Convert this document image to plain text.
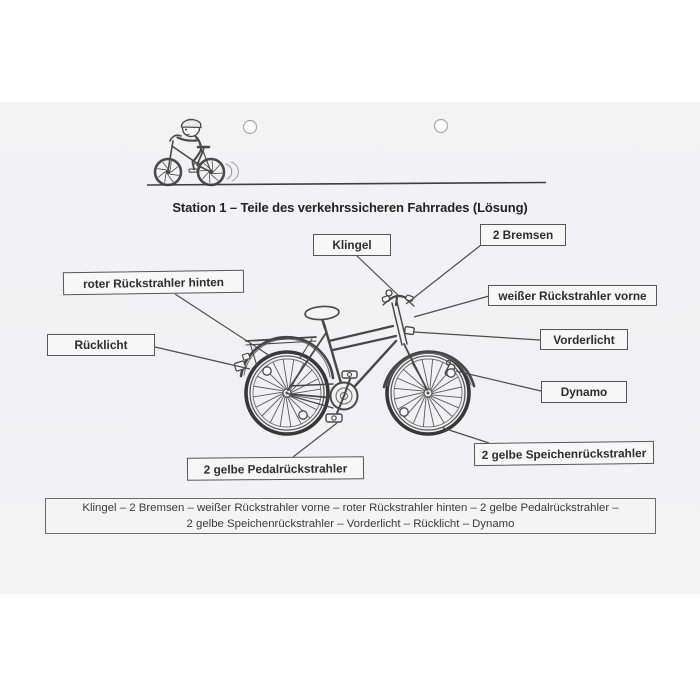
Station 1 – Teile des verkehrssicheren Fahrrades (Lösung)
Klingel
2 Bremsen
roter Rückstrahler hinten
weißer Rückstrahler vorne
Rücklicht	Vorderlicht
Dynamo
2 gelbe Speichenrückstrahler
2 gelbe Pedalrückstrahler
Klingel – 2 Bremsen – weißer Rückstrahler vorne – roter Rückstrahler hinten – 2 gelbe Pedalrückstrahler –
2 gelbe Speichenrückstrahler – Vorderlicht – Rücklicht – Dynamo
